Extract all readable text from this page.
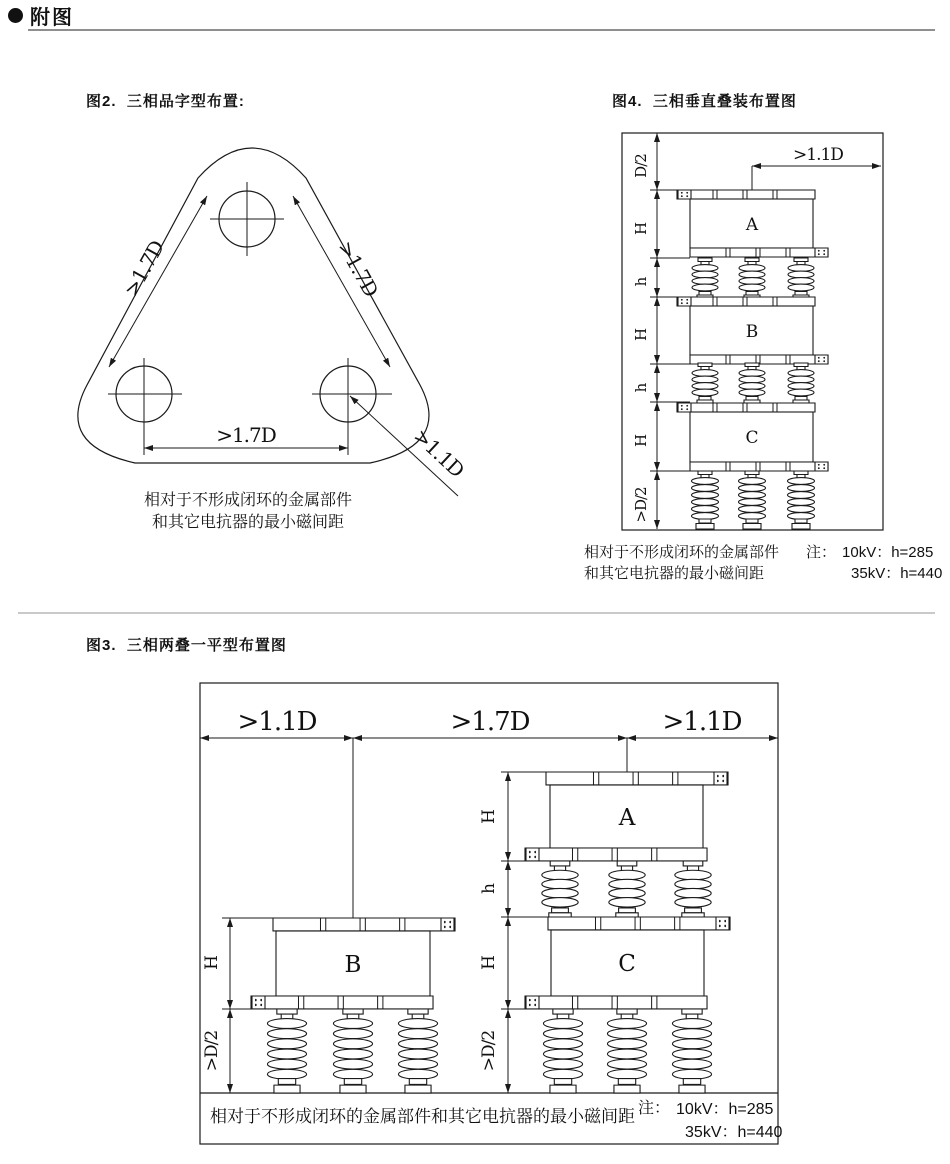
>1.7D	>1.7D
>1.7D	>1.1D
>1.1D
D/2
H
h
H
h
H
>D/2
A
B
C
>1.1D	>1.7D	>1.1D
H
>D/2
B
H
h
H
>D/2
A
C
附图
图2.  三相品字型布置:	图4.  三相垂直叠装布置图
相对于不形成闭环的金属部件
和其它电抗器的最小磁间距
相对于不形成闭环的金属部件
和其它电抗器的最小磁间距
注： 10kV：h=285
35kV：h=440
图3.  三相两叠一平型布置图
相对于不形成闭环的金属部件和其它电抗器的最小磁间距 注： 10kV：h=285
35kV：h=440
